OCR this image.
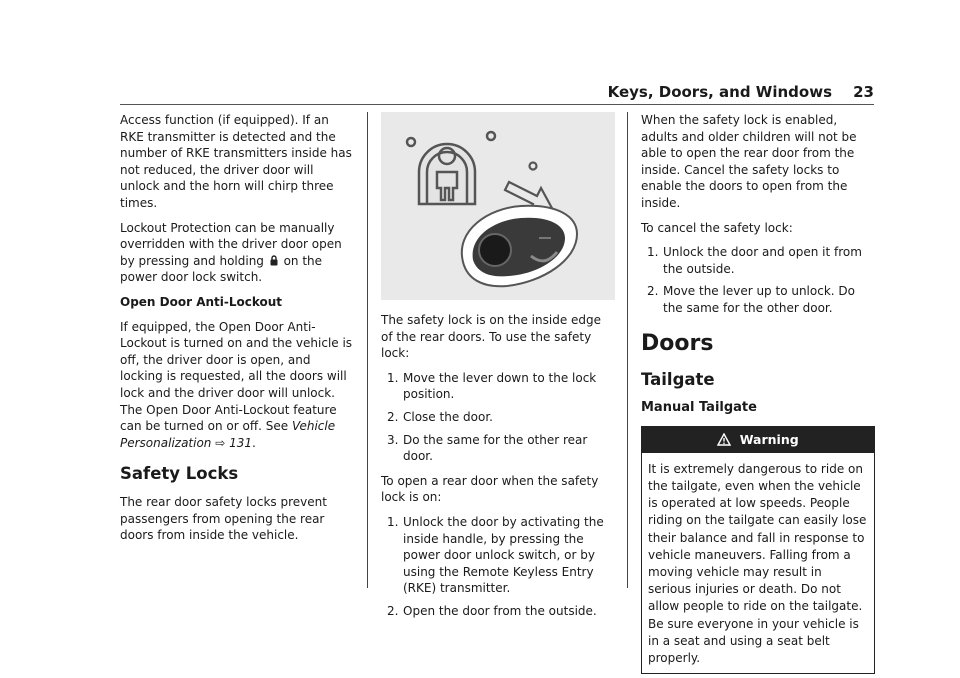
Keys, Doors, and Windows 23

Access function (if equipped). If an RKE transmitter is detected and the number of RKE transmitters inside has not reduced, the driver door will unlock and the horn will chirp three times.

Lockout Protection can be manually overridden with the driver door open by pressing and holding on the power door lock switch.

Open Door Anti-Lockout

If equipped, the Open Door Anti-Lockout is turned on and the vehicle is off, the driver door is open, and locking is requested, all the doors will lock and the driver door will unlock. The Open Door Anti-Lockout feature can be turned on or off. See Vehicle Personalization ⇨ 131.

Safety Locks

The rear door safety locks prevent passengers from opening the rear doors from inside the vehicle.

The safety lock is on the inside edge of the rear doors. To use the safety lock:

1. Move the lever down to the lock position.
2. Close the door.
3. Do the same for the other rear door.

To open a rear door when the safety lock is on:

1. Unlock the door by activating the inside handle, by pressing the power door unlock switch, or by using the Remote Keyless Entry (RKE) transmitter.
2. Open the door from the outside.

When the safety lock is enabled, adults and older children will not be able to open the rear door from the inside. Cancel the safety locks to enable the doors to open from the inside.

To cancel the safety lock:

1. Unlock the door and open it from the outside.
2. Move the lever up to unlock. Do the same for the other door.
Doors
Tailgate
Manual Tailgate
Warning
It is extremely dangerous to ride on the tailgate, even when the vehicle is operated at low speeds. People riding on the tailgate can easily lose their balance and fall in response to vehicle maneuvers. Falling from a moving vehicle may result in serious injuries or death. Do not allow people to ride on the tailgate. Be sure everyone in your vehicle is in a seat and using a seat belt properly.
